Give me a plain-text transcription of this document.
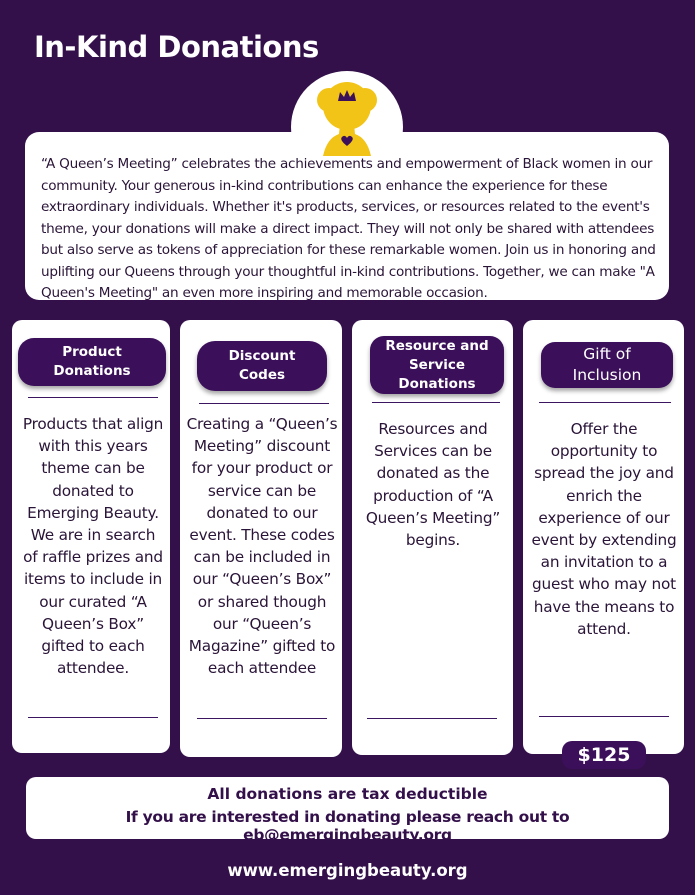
In-Kind Donations
“A Queen’s Meeting” celebrates the achievements and empowerment of Black women in our community. Your generous in-kind contributions can enhance the experience for these extraordinary individuals. Whether it's products, services, or resources related to the event's theme, your donations will make a direct impact. They will not only be shared with attendees but also serve as tokens of appreciation for these remarkable women. Join us in honoring and uplifting our Queens through your thoughtful in-kind contributions. Together, we can make "A Queen's Meeting" an even more inspiring and memorable occasion.
Product
Donations
Products that align with this years theme can be donated to Emerging Beauty. We are in search of raffle prizes and items to include in our curated “A Queen’s Box” gifted to each attendee.
Discount
Codes
Creating a “Queen’s Meeting” discount for your product or service can be donated to our event. These codes can be included in our “Queen’s Box” or shared though our “Queen’s Magazine” gifted to each attendee
Resource and
Service
Donations
Resources and Services can be donated as the production of “A Queen’s Meeting” begins.
Gift of
Inclusion
Offer the opportunity to spread the joy and enrich the experience of our event by extending an invitation to a guest who may not have the means to attend.
$125
All donations are tax deductible
If you are interested in donating please reach out to eb@emergingbeauty.org
www.emergingbeauty.org
